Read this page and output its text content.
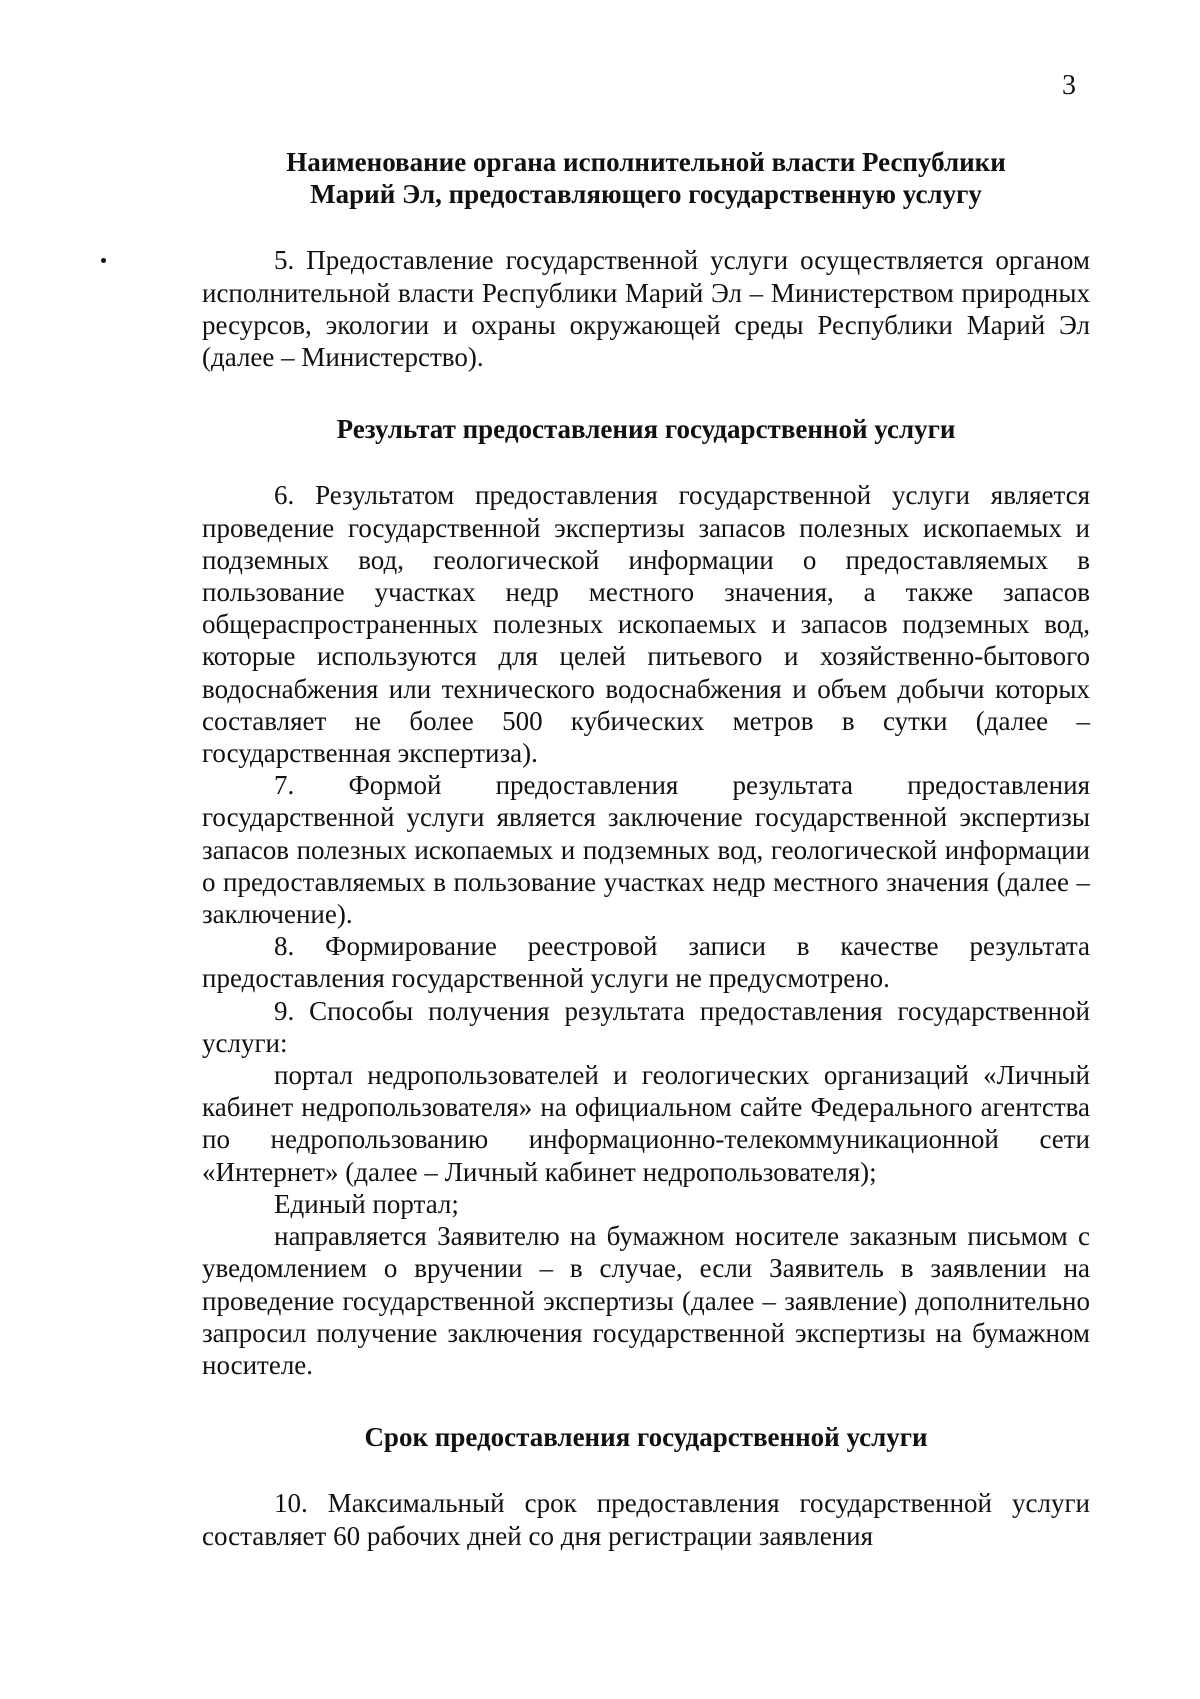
3
Наименование органа исполнительной власти Республики
Марий Эл, предоставляющего государственную услугу

5. Предоставление государственной услуги осуществляется органом исполнительной власти Республики Марий Эл – Министерством природных ресурсов, экологии и охраны окружающей среды Республики Марий Эл (далее – Министерство).

Результат предоставления государственной услуги

6. Результатом предоставления государственной услуги является проведение государственной экспертизы запасов полезных ископаемых и подземных вод, геологической информации о предоставляемых в пользование участках недр местного значения, а также запасов общераспространенных полезных ископаемых и запасов подземных вод, которые используются для целей питьевого и хозяйственно-бытового водоснабжения или технического водоснабжения и объем добычи которых составляет не более 500 кубических метров в сутки (далее – государственная экспертиза).

7. Формой предоставления результата предоставления государственной услуги является заключение государственной экспертизы запасов полезных ископаемых и подземных вод, геологической информации о предоставляемых в пользование участках недр местного значения (далее – заключение).

8. Формирование реестровой записи в качестве результата предоставления государственной услуги не предусмотрено.

9. Способы получения результата предоставления государственной услуги:

портал недропользователей и геологических организаций «Личный кабинет недропользователя» на официальном сайте Федерального агентства по недропользованию информационно-телекоммуникационной сети «Интернет» (далее – Личный кабинет недропользователя);

Единый портал;

направляется Заявителю на бумажном носителе заказным письмом с уведомлением о вручении – в случае, если Заявитель в заявлении на проведение государственной экспертизы (далее – заявление) дополнительно запросил получение заключения государственной экспертизы на бумажном носителе.

Срок предоставления государственной услуги

10. Максимальный срок предоставления государственной услуги составляет 60 рабочих дней со дня регистрации заявления
